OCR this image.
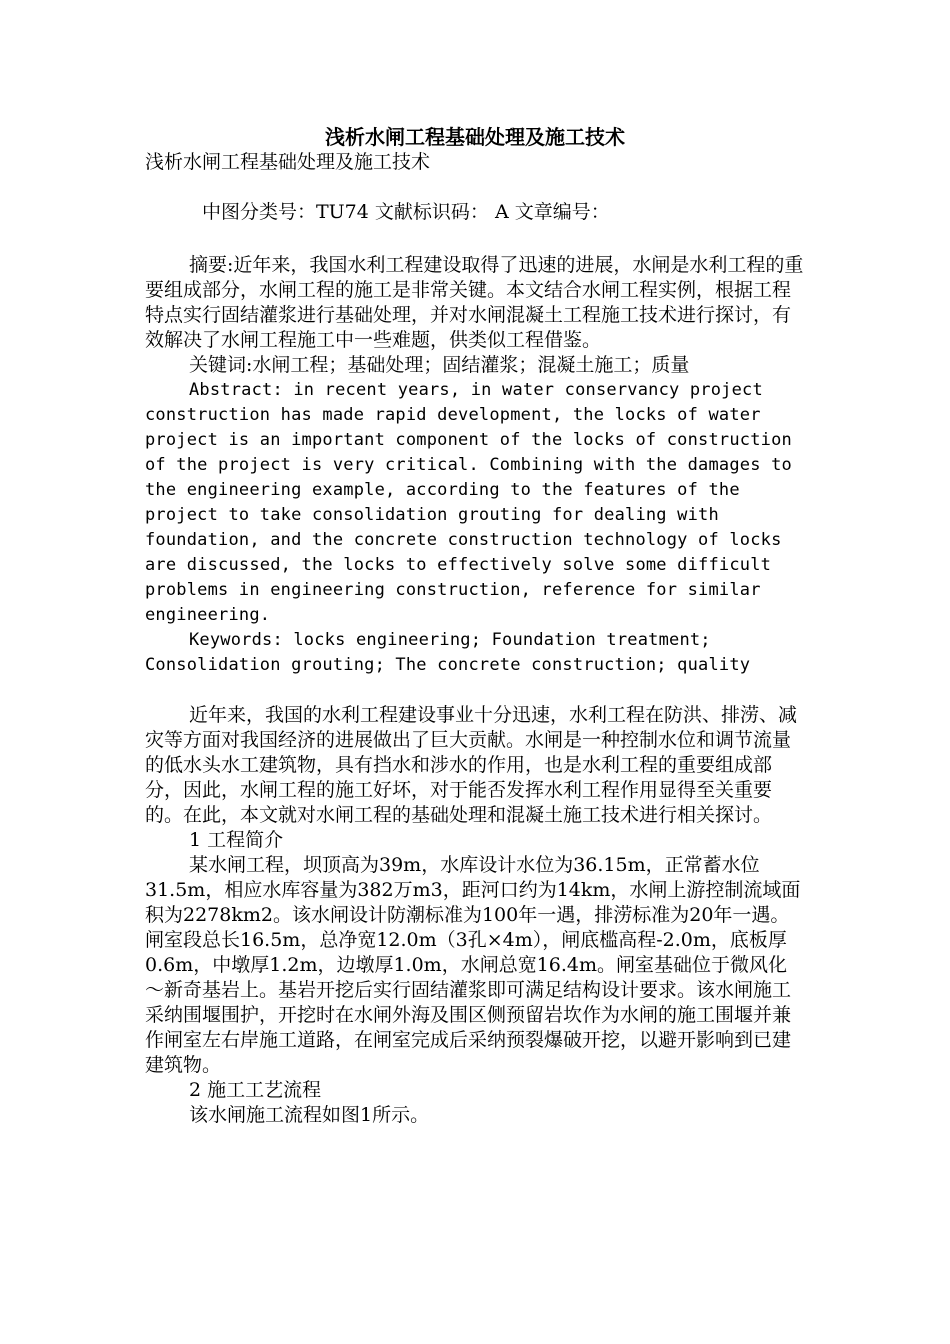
浅析水闸工程基础处理及施工技术

浅析水闸工程基础处理及施工技术

中图分类号：TU74 文献标识码： A 文章编号：

摘要:近年来，我国水利工程建设取得了迅速的进展，水闸是水利工程的重要组成部分，水闸工程的施工是非常关键。本文结合水闸工程实例，根据工程特点实行固结灌浆进行基础处理，并对水闸混凝土工程施工技术进行探讨，有效解决了水闸工程施工中一些难题，供类似工程借鉴。

关键词:水闸工程；基础处理；固结灌浆；混凝土施工；质量

Abstract: in recent years, in water conservancy project construction has made rapid development, the locks of water project is an important component of the locks of construction of the project is very critical. Combining with the damages to the engineering example, according to the features of the project to take consolidation grouting for dealing with foundation, and the concrete construction technology of locks are discussed, the locks to effectively solve some difficult problems in engineering construction, reference for similar engineering.

Keywords: locks engineering; Foundation treatment; Consolidation grouting; The concrete construction; quality

近年来，我国的水利工程建设事业十分迅速，水利工程在防洪、排涝、减灾等方面对我国经济的进展做出了巨大贡献。水闸是一种控制水位和调节流量的低水头水工建筑物，具有挡水和涉水的作用，也是水利工程的重要组成部分，因此，水闸工程的施工好坏，对于能否发挥水利工程作用显得至关重要的。在此，本文就对水闸工程的基础处理和混凝土施工技术进行相关探讨。

1 工程简介

某水闸工程，坝顶高为39m，水库设计水位为36.15m，正常蓄水位31.5m，相应水库容量为382万m3，距河口约为14km，水闸上游控制流域面积为2278km2。该水闸设计防潮标准为100年一遇，排涝标准为20年一遇。闸室段总长16.5m，总净宽12.0m（3孔×4m），闸底槛高程-2.0m，底板厚0.6m，中墩厚1.2m，边墩厚1.0m，水闸总宽16.4m。闸室基础位于微风化～新奇基岩上。基岩开挖后实行固结灌浆即可满足结构设计要求。该水闸施工采纳围堰围护，开挖时在水闸外海及围区侧预留岩坎作为水闸的施工围堰并兼作闸室左右岸施工道路，在闸室完成后采纳预裂爆破开挖，以避开影响到已建建筑物。

2 施工工艺流程

该水闸施工流程如图1所示。
